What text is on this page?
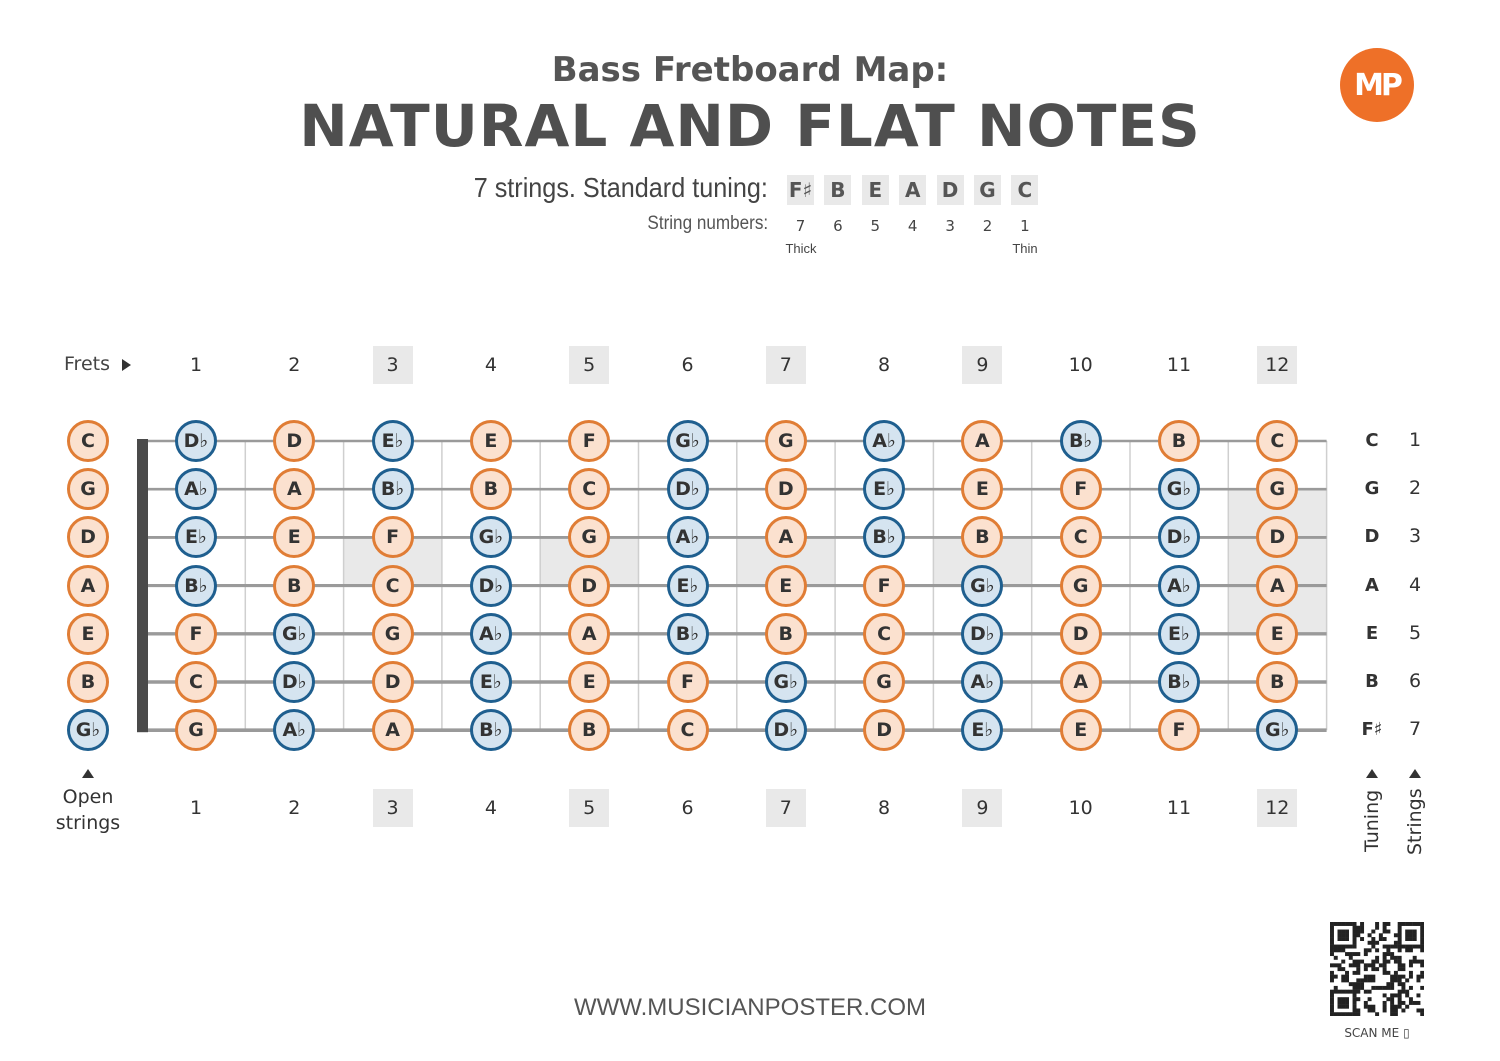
Bass Fretboard Map:
NATURAL AND FLAT NOTES
MP
7 strings. Standard tuning:
String numbers:
F♯
7
B
6
E
5
A
4
D
3
G
2
C
1
Thick	Thin
Frets	1	2	3	4	5	6	7	8	9	10	11	12
1	2	3	4	5	6	7	8	9	10	11	12
D♭	D	E♭	E	F	G♭	G	A♭	A	B♭	B	C
A♭	A	B♭	B	C	D♭	D	E♭	E	F	G♭	G
E♭	E	F	G♭	G	A♭	A	B♭	B	C	D♭	D
B♭	B	C	D♭	D	E♭	E	F	G♭	G	A♭	A
F	G♭	G	A♭	A	B♭	B	C	D♭	D	E♭	E
C	D♭	D	E♭	E	F	G♭	G	A♭	A	B♭	B
G	A♭	A	B♭	B	C	D♭	D	E♭	E	F	G♭
C
G
D
A
E
B
G♭
C	1
G	2
D	3
A	4
E	5
B	6
F♯	7
Open
strings	Tuning Strings
WWW.MUSICIANPOSTER.COM
SCAN ME ▯
